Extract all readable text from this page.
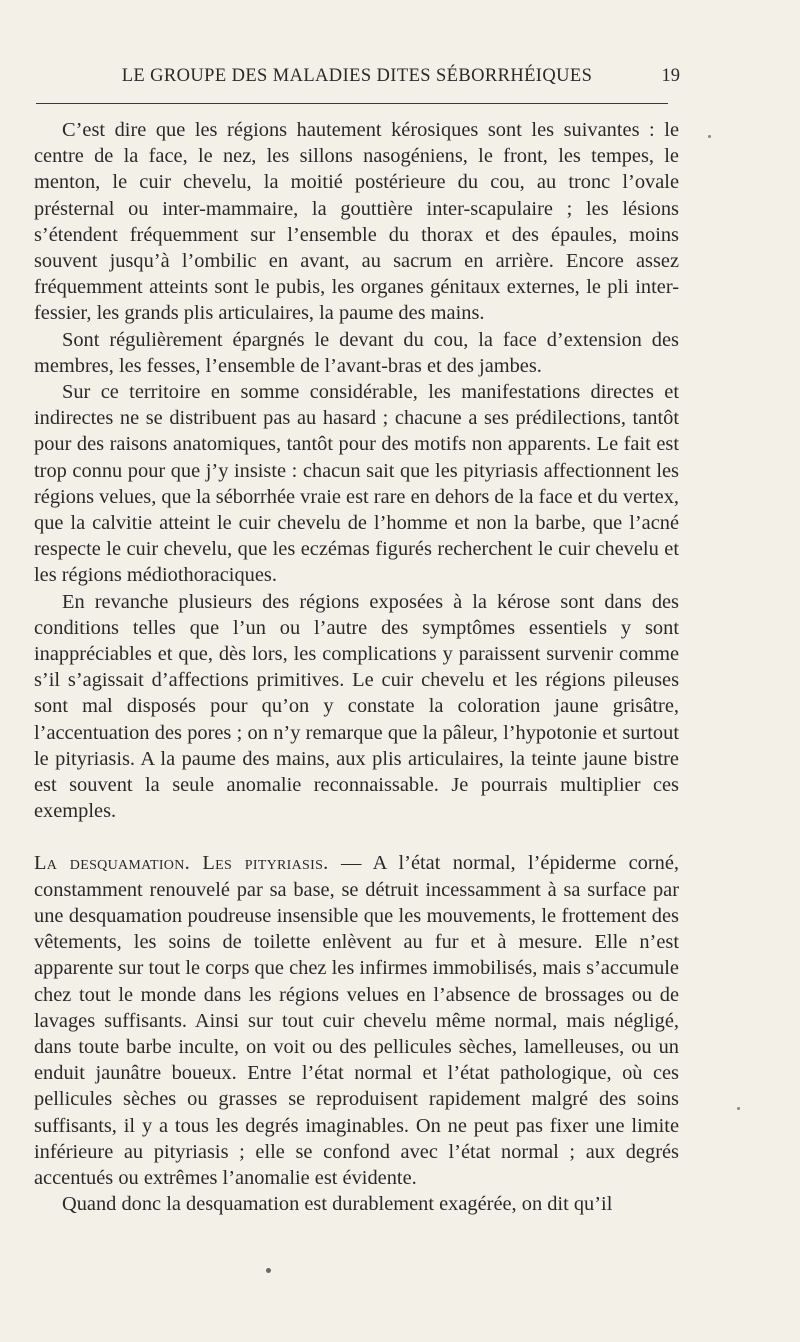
LE GROUPE DES MALADIES DITES SÉBORRHÉIQUES	19

C’est dire que les régions hautement kérosiques sont les suivantes : le centre de la face, le nez, les sillons nasogéniens, le front, les tempes, le menton, le cuir chevelu, la moitié postérieure du cou, au tronc l’ovale présternal ou inter-mammaire, la gouttière inter-scapulaire ; les lésions s’étendent fréquemment sur l’ensemble du thorax et des épaules, moins souvent jusqu’à l’ombilic en avant, au sacrum en arrière. Encore assez fréquemment atteints sont le pubis, les organes génitaux externes, le pli inter-fessier, les grands plis articulaires, la paume des mains.

Sont régulièrement épargnés le devant du cou, la face d’extension des membres, les fesses, l’ensemble de l’avant-bras et des jambes.

Sur ce territoire en somme considérable, les manifestations directes et indirectes ne se distribuent pas au hasard ; chacune a ses prédilections, tantôt pour des raisons anatomiques, tantôt pour des motifs non apparents. Le fait est trop connu pour que j’y insiste : chacun sait que les pityriasis affectionnent les régions velues, que la séborrhée vraie est rare en dehors de la face et du vertex, que la calvitie atteint le cuir chevelu de l’homme et non la barbe, que l’acné respecte le cuir chevelu, que les eczémas figurés recherchent le cuir chevelu et les régions médiothoraciques.

En revanche plusieurs des régions exposées à la kérose sont dans des conditions telles que l’un ou l’autre des symptômes essentiels y sont inappréciables et que, dès lors, les complications y paraissent survenir comme s’il s’agissait d’affections primitives. Le cuir chevelu et les régions pileuses sont mal disposés pour qu’on y constate la coloration jaune grisâtre, l’accentuation des pores ; on n’y remarque que la pâleur, l’hypotonie et surtout le pityriasis. A la paume des mains, aux plis articulaires, la teinte jaune bistre est souvent la seule anomalie reconnaissable. Je pourrais multiplier ces exemples.

La desquamation. Les pityriasis. — A l’état normal, l’épiderme corné, constamment renouvelé par sa base, se détruit incessamment à sa surface par une desquamation poudreuse insensible que les mouvements, le frottement des vêtements, les soins de toilette enlèvent au fur et à mesure. Elle n’est apparente sur tout le corps que chez les infirmes immobilisés, mais s’accumule chez tout le monde dans les régions velues en l’absence de brossages ou de lavages suffisants. Ainsi sur tout cuir chevelu même normal, mais négligé, dans toute barbe inculte, on voit ou des pellicules sèches, lamelleuses, ou un enduit jaunâtre boueux. Entre l’état normal et l’état pathologique, où ces pellicules sèches ou grasses se reproduisent rapidement malgré des soins suffisants, il y a tous les degrés imaginables. On ne peut pas fixer une limite inférieure au pityriasis ; elle se confond avec l’état normal ; aux degrés accentués ou extrêmes l’anomalie est évidente.

Quand donc la desquamation est durablement exagérée, on dit qu’il
